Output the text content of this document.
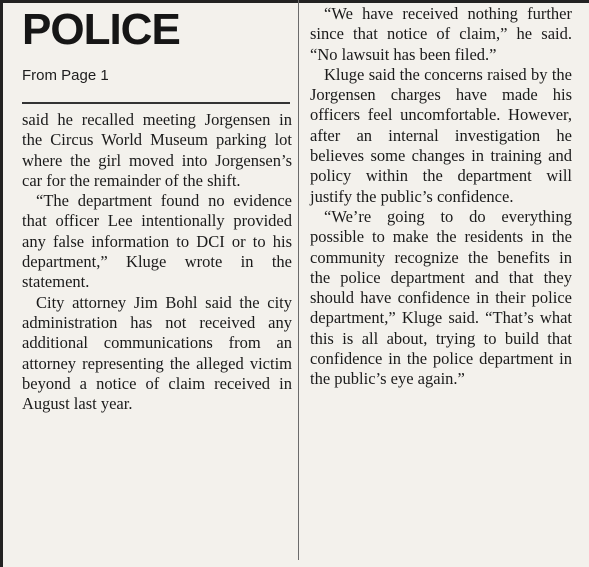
POLICE
From Page 1

said he recalled meeting Jorgensen in the Circus World Museum parking lot where the girl moved into Jorgensen’s car for the remainder of the shift.

“The department found no evidence that officer Lee intentionally provided any false information to DCI or to his department,” Kluge wrote in the statement.

City attorney Jim Bohl said the city administration has not received any additional communications from an attorney representing the alleged victim beyond a notice of claim received in August last year.

“We have received nothing further since that notice of claim,” he said. “No lawsuit has been filed.”

Kluge said the concerns raised by the Jorgensen charges have made his officers feel uncomfortable. However, after an internal investigation he believes some changes in training and policy within the department will justify the public’s confidence.

“We’re going to do everything possible to make the residents in the community recognize the benefits in the police department and that they should have confidence in their police department,” Kluge said. “That’s what this is all about, trying to build that confidence in the police department in the public’s eye again.”
